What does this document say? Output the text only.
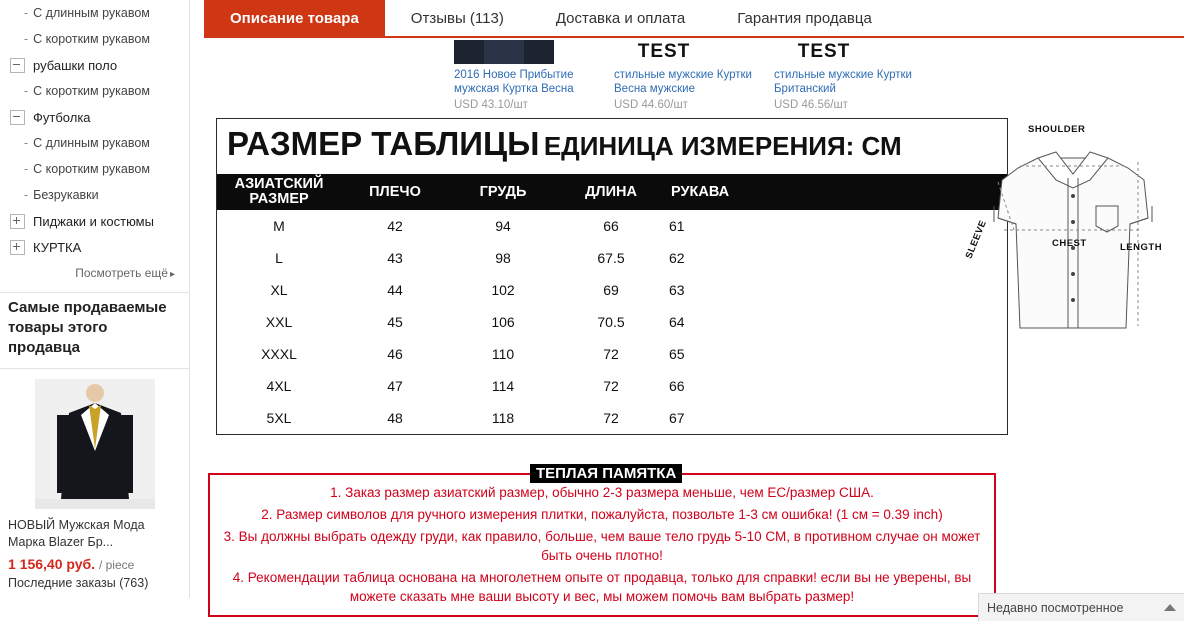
- С длинным рукавом
- С коротким рукавом
рубашки поло
- С коротким рукавом
Футболка
- С длинным рукавом
- С коротким рукавом
- Безрукавки
Пиджаки и костюмы
КУРТКА
Посмотреть ещё ▸
Самые продаваемые товары этого продавца
НОВЫЙ Мужская Мода Марка Blazer Бр...
1 156,40 руб. / piece
Последние заказы (763)
Описание товара	Отзывы (113)	Доставка и оплата	Гарантия продавца
2016 Новое Прибытие мужская Куртка Весна
USD 43.10/шт
TEST
стильные мужские Куртки Весна мужские
USD 44.60/шт
TEST
стильные мужские Куртки Британский
USD 46.56/шт
РАЗМЕР ТАБЛИЦЫ ЕДИНИЦА ИЗМЕРЕНИЯ: СМ
АЗИАТСКИЙ РАЗМЕР	ПЛЕЧО	ГРУДЬ	ДЛИНА	РУКАВА
M	42	94	66	61
L	43	98	67.5	62
XL	44	102	69	63
XXL	45	106	70.5	64
XXXL	46	110	72	65
4XL	47	114	72	66
5XL	48	118	72	67
SHOULDER
CHEST	LENGTH
SLEEVE
ТЕПЛАЯ ПАМЯТКА

1. Заказ размер азиатский размер, обычно 2-3 размера меньше, чем ЕС/размер США.

2. Размер символов для ручного измерения плитки, пожалуйста, позвольте 1-3 см ошибка! (1 см = 0.39 inch)

3. Вы должны выбрать одежду груди, как правило, больше, чем ваше тело грудь 5-10 СМ, в противном случае он может быть очень плотно!

4. Рекомендации таблица основана на многолетнем опыте от продавца, только для справки! если вы не уверены, вы можете сказать мне ваши высоту и вес, мы можем помочь вам выбрать размер!

Недавно посмотренное
